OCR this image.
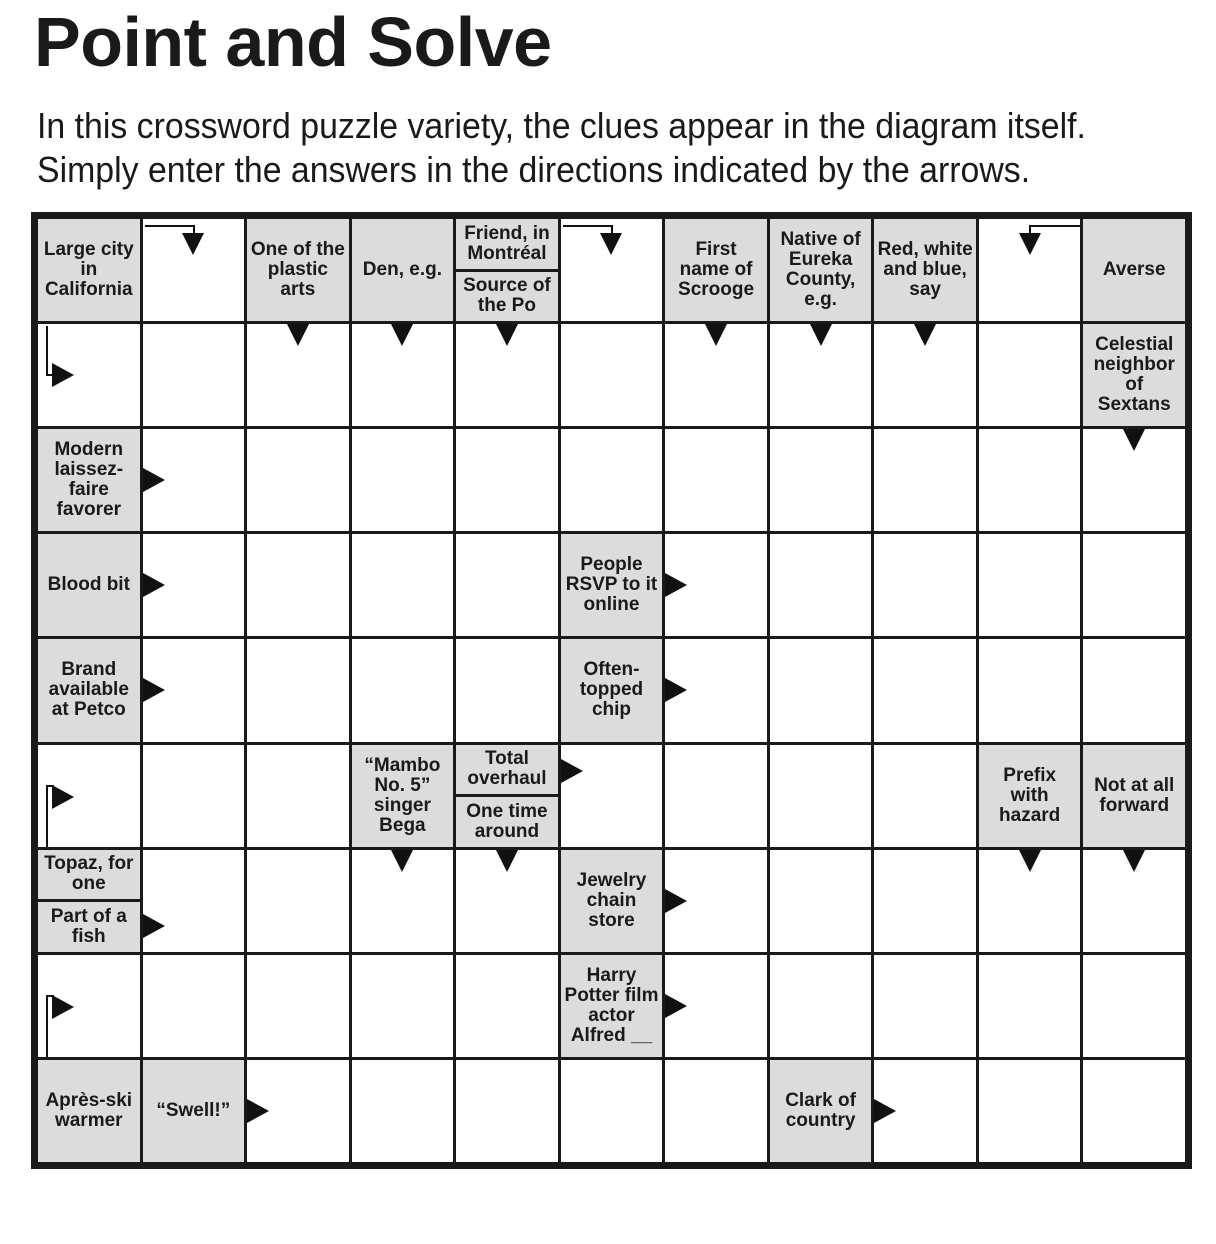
Point and Solve
In this crossword puzzle variety, the clues appear in the diagram itself.
Simply enter the answers in the directions indicated by the arrows.
Large city in California
One of the plastic arts
Den, e.g.
Friend, in Montréal
Source of the Po
First name of Scrooge
Native of Eureka County, e.g.
Red, white and blue, say
Averse
Celestial neighbor of Sextans
Modern laissez-faire favorer
Blood bit
People RSVP to it online
Brand available at Petco
Often-topped chip
“Mambo No. 5” singer Bega
Total overhaul
One time around
Prefix with hazard
Not at all forward
Topaz, for one
Part of a fish
Jewelry chain store
Harry Potter film actor Alfred __
Après-ski warmer	“Swell!”	Clark of country
